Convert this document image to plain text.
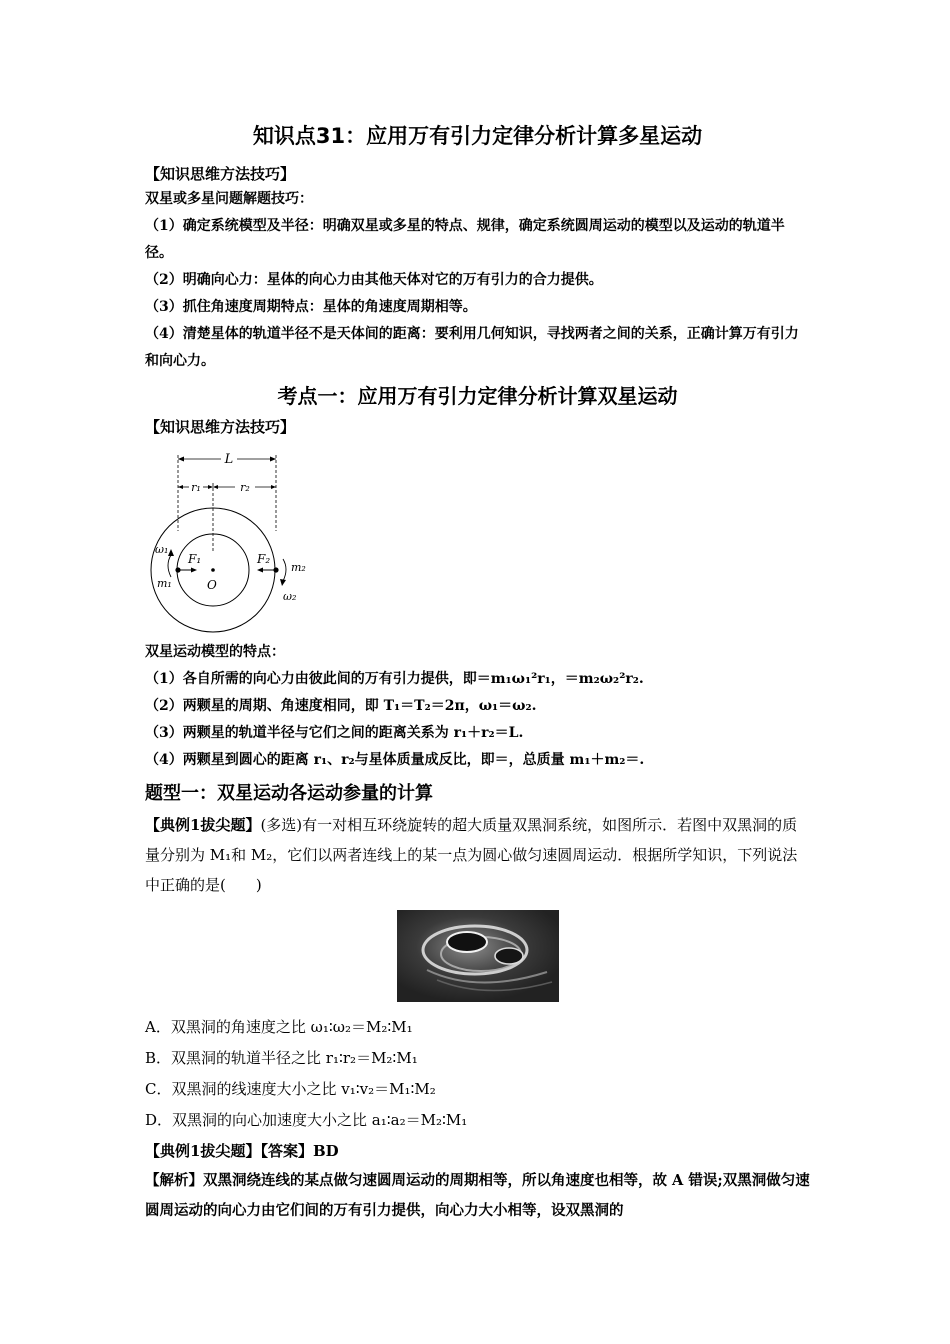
知识点31：应用万有引力定律分析计算多星运动
【知识思维方法技巧】
双星或多星问题解题技巧：
（1）确定系统模型及半径：明确双星或多星的特点、规律，确定系统圆周运动的模型以及运动的轨道半径。
（2）明确向心力：星体的向心力由其他天体对它的万有引力的合力提供。
（3）抓住角速度周期特点：星体的角速度周期相等。
（4）清楚星体的轨道半径不是天体间的距离：要利用几何知识，寻找两者之间的关系，正确计算万有引力和向心力。
考点一：应用万有引力定律分析计算双星运动
【知识思维方法技巧】
L
r₁	r₂
ω₁
m₁
F₁
O
F₂
m₂
ω₂
双星运动模型的特点：
（1）各自所需的向心力由彼此间的万有引力提供，即＝m₁ω₁²r₁，＝m₂ω₂²r₂.
（2）两颗星的周期、角速度相同，即 T₁＝T₂＝2π，ω₁＝ω₂.
（3）两颗星的轨道半径与它们之间的距离关系为 r₁＋r₂＝L.
（4）两颗星到圆心的距离 r₁、r₂与星体质量成反比，即＝，总质量 m₁＋m₂＝.
题型一：双星运动各运动参量的计算
【典例1拔尖题】(多选)有一对相互环绕旋转的超大质量双黑洞系统，如图所示．若图中双黑洞的质量分别为 M₁和 M₂，它们以两者连线上的某一点为圆心做匀速圆周运动．根据所学知识，下列说法中正确的是(　　)
A．双黑洞的角速度之比 ω₁∶ω₂＝M₂∶M₁
B．双黑洞的轨道半径之比 r₁∶r₂＝M₂∶M₁
C．双黑洞的线速度大小之比 v₁∶v₂＝M₁∶M₂
D．双黑洞的向心加速度大小之比 a₁∶a₂＝M₂∶M₁
【典例1拔尖题】【答案】BD
【解析】双黑洞绕连线的某点做匀速圆周运动的周期相等，所以角速度也相等，故 A 错误;双黑洞做匀速圆周运动的向心力由它们间的万有引力提供，向心力大小相等，设双黑洞的
